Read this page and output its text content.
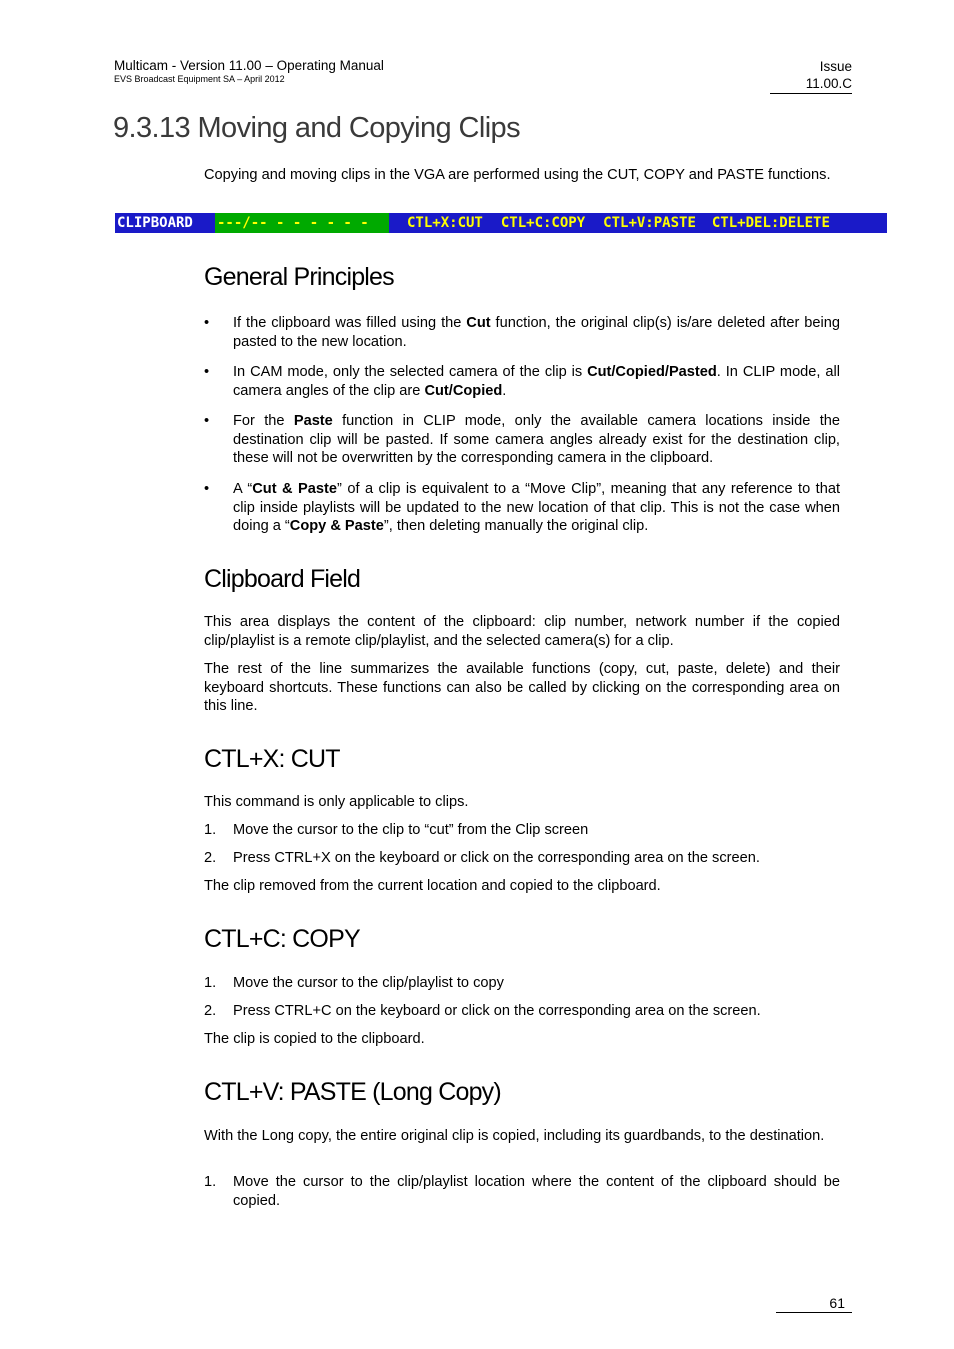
Multicam - Version 11.00 – Operating Manual
EVS Broadcast Equipment SA – April 2012
Issue
11.00.C
9.3.13 Moving and Copying Clips

Copying and moving clips in the VGA are performed using the CUT, COPY and PASTE functions.

CLIPBOARD	---/-- - - - - - -	CTL+X:CUT CTL+C:COPY CTL+V:PASTE CTL+DEL:DELETE
General Principles
•	If the clipboard was filled using the Cut function, the original clip(s) is/are deleted after being pasted to the new location.
•	In CAM mode, only the selected camera of the clip is Cut/Copied/Pasted. In CLIP mode, all camera angles of the clip are Cut/Copied.
•	For the Paste function in CLIP mode, only the available camera locations inside the destination clip will be pasted. If some camera angles already exist for the destination clip, these will not be overwritten by the corresponding camera in the clipboard.
•	A “Cut & Paste” of a clip is equivalent to a “Move Clip”, meaning that any reference to that clip inside playlists will be updated to the new location of that clip. This is not the case when doing a “Copy & Paste”, then deleting manually the original clip.
Clipboard Field

This area displays the content of the clipboard: clip number, network number if the copied clip/playlist is a remote clip/playlist, and the selected camera(s) for a clip.

The rest of the line summarizes the available functions (copy, cut, paste, delete) and their keyboard shortcuts. These functions can also be called by clicking on the corresponding area on this line.

CTL+X: CUT

This command is only applicable to clips.

1. Move the cursor to the clip to “cut” from the Clip screen
2. Press CTRL+X on the keyboard or click on the corresponding area on the screen.

The clip removed from the current location and copied to the clipboard.

CTL+C: COPY
1. Move the cursor to the clip/playlist to copy
2. Press CTRL+C on the keyboard or click on the corresponding area on the screen.

The clip is copied to the clipboard.

CTL+V: PASTE (Long Copy)

With the Long copy, the entire original clip is copied, including its guardbands, to the destination.

1. Move the cursor to the clip/playlist location where the content of the clipboard should be copied.
61
